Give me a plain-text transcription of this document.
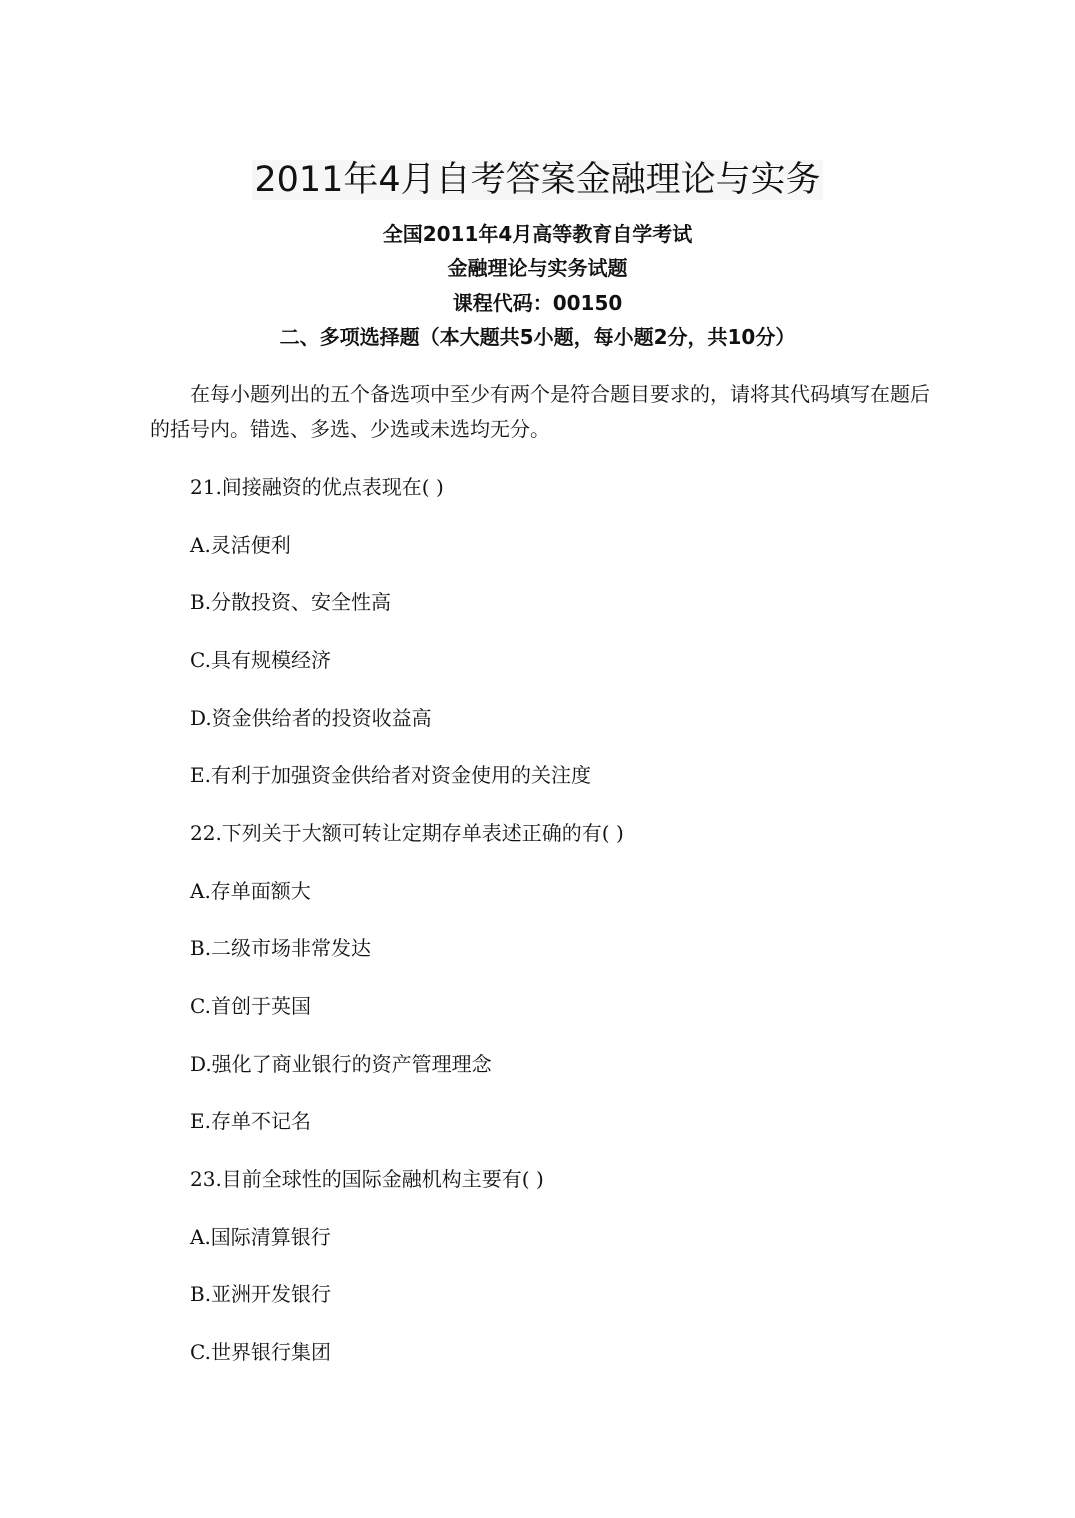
2011年4月自考答案金融理论与实务
全国2011年4月高等教育自学考试
金融理论与实务试题
课程代码：00150
二、多项选择题（本大题共5小题，每小题2分，共10分）
在每小题列出的五个备选项中至少有两个是符合题目要求的，请将其代码填写在题后的括号内。错选、多选、少选或未选均无分。
21.间接融资的优点表现在( )
A.灵活便利
B.分散投资、安全性高
C.具有规模经济
D.资金供给者的投资收益高
E.有利于加强资金供给者对资金使用的关注度
22.下列关于大额可转让定期存单表述正确的有( )
A.存单面额大
B.二级市场非常发达
C.首创于英国
D.强化了商业银行的资产管理理念
E.存单不记名
23.目前全球性的国际金融机构主要有( )
A.国际清算银行
B.亚洲开发银行
C.世界银行集团
